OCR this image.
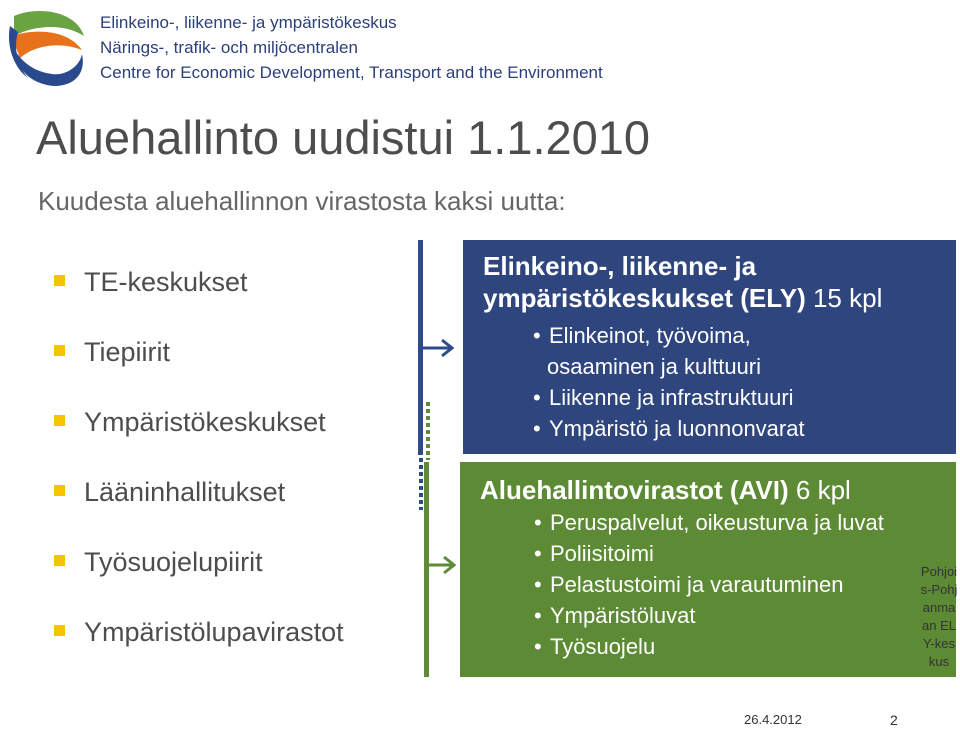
Elinkeino-, liikenne- ja ympäristökeskus
Närings-, trafik- och miljöcentralen
Centre for Economic Development, Transport and the Environment
Aluehallinto uudistui 1.1.2010
Kuudesta aluehallinnon virastosta kaksi uutta:
TE-keskukset
Tiepiirit
Ympäristökeskukset
Lääninhallitukset
Työsuojelupiirit
Ympäristölupavirastot
Elinkeino-, liikenne- ja
ympäristökeskukset (ELY) 15 kpl
• Elinkeinot, työvoima,
osaaminen ja kulttuuri
• Liikenne ja infrastruktuuri
• Ympäristö ja luonnonvarat
Aluehallintovirastot (AVI) 6 kpl
• Peruspalvelut, oikeusturva ja luvat
• Poliisitoimi
• Pelastustoimi ja varautuminen
• Ympäristöluvat
• Työsuojelu
26.4.2012	2
Pohjois-Pohjanmaan ELY-keskus
